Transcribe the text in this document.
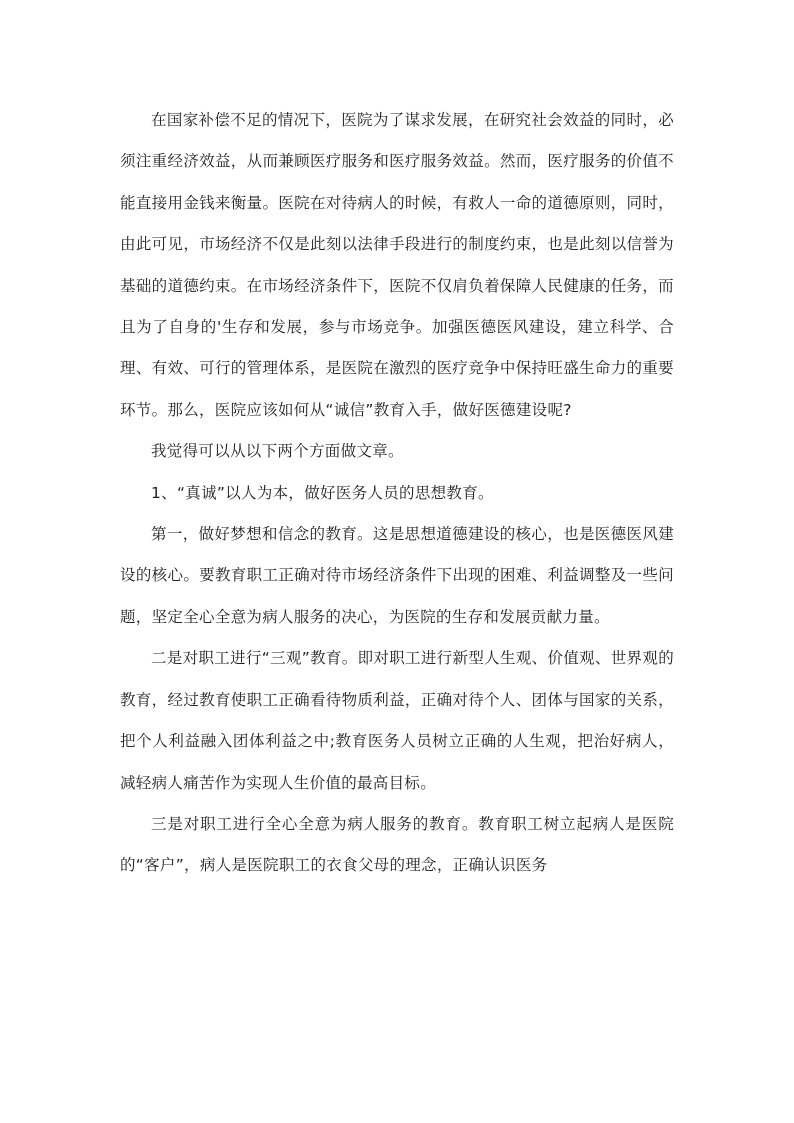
在国家补偿不足的情况下，医院为了谋求发展，在研究社会效益的同时，必须注重经济效益，从而兼顾医疗服务和医疗服务效益。然而，医疗服务的价值不能直接用金钱来衡量。医院在对待病人的时候，有救人一命的道德原则，同时，由此可见，市场经济不仅是此刻以法律手段进行的制度约束，也是此刻以信誉为基础的道德约束。在市场经济条件下，医院不仅肩负着保障人民健康的任务，而且为了自身的'生存和发展，参与市场竞争。加强医德医风建设，建立科学、合理、有效、可行的管理体系，是医院在激烈的医疗竞争中保持旺盛生命力的重要环节。那么，医院应该如何从“诚信”教育入手，做好医德建设呢?

我觉得可以从以下两个方面做文章。

1、“真诚”以人为本，做好医务人员的思想教育。

第一，做好梦想和信念的教育。这是思想道德建设的核心，也是医德医风建设的核心。要教育职工正确对待市场经济条件下出现的困难、利益调整及一些问题，坚定全心全意为病人服务的决心，为医院的生存和发展贡献力量。

二是对职工进行“三观”教育。即对职工进行新型人生观、价值观、世界观的教育，经过教育使职工正确看待物质利益，正确对待个人、团体与国家的关系，把个人利益融入团体利益之中;教育医务人员树立正确的人生观，把治好病人，减轻病人痛苦作为实现人生价值的最高目标。

三是对职工进行全心全意为病人服务的教育。教育职工树立起病人是医院的“客户”，病人是医院职工的衣食父母的理念，正确认识医务
